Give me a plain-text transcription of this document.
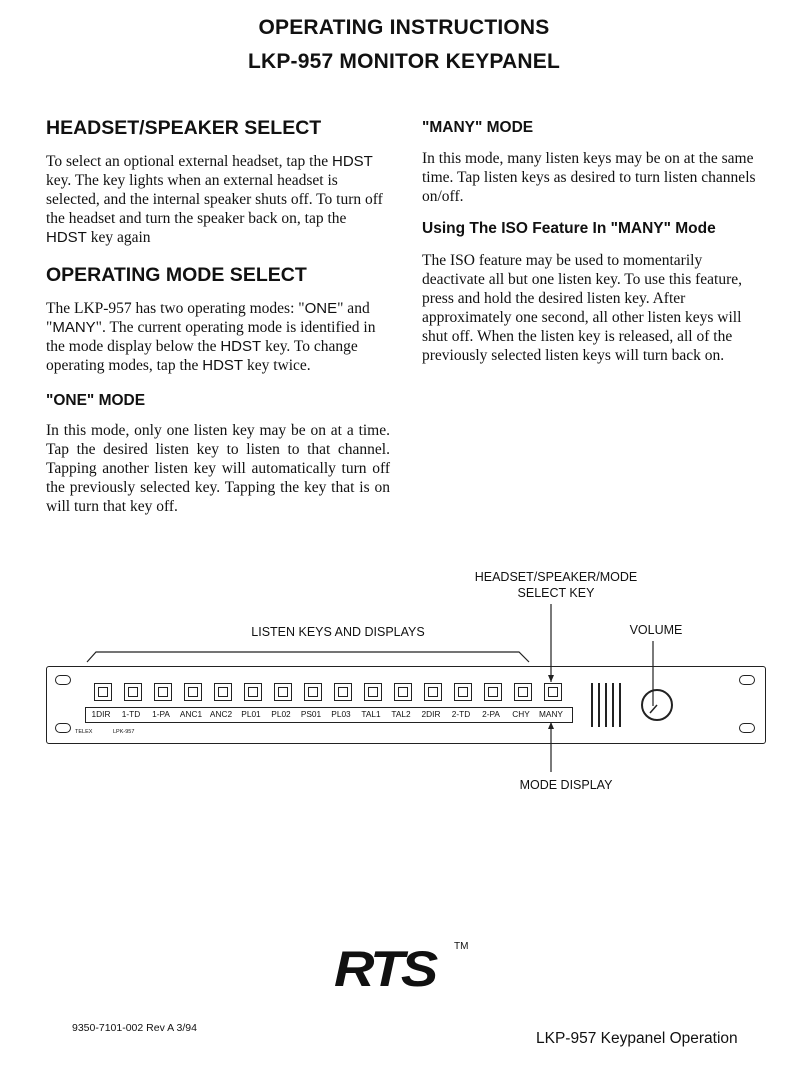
OPERATING INSTRUCTIONS
LKP-957 MONITOR KEYPANEL
HEADSET/SPEAKER SELECT

To select an optional external headset, tap the HDST key. The key lights when an external headset is selected, and the internal speaker shuts off. To turn off the headset and turn the speaker back on, tap the HDST key again

OPERATING MODE SELECT

The LKP-957 has two operating modes: "ONE" and "MANY". The current operating mode is identified in the mode display below the HDST key. To change operating modes, tap the HDST key twice.

"ONE" MODE

In this mode, only one listen key may be on at a time. Tap the desired listen key to listen to that channel. Tapping another listen key will automatically turn off the previously selected key. Tapping the key that is on will turn that key off.

"MANY" MODE

In this mode, many listen keys may be on at the same time. Tap listen keys as desired to turn listen channels on/off.

Using The ISO Feature In "MANY" Mode

The ISO feature may be used to momentarily deactivate all but one listen key. To use this feature, press and hold the desired listen key. After approximately one second, all other listen keys will shut off. When the listen key is released, all of the previously selected listen keys will turn back on.

HEADSET/SPEAKER/MODE
SELECT KEY
LISTEN KEYS AND DISPLAYS	VOLUME
MODE DISPLAY
1DIR	1-TD	1-PA	ANC1 ANC2	PL01	PL02	PS01	PL03	TAL1	TAL2	2DIR	2-TD	2-PA	CHY	MANY
TELEX	LPK-957
RTS TM
9350-7101-002 Rev A 3/94
LKP-957 Keypanel Operation
